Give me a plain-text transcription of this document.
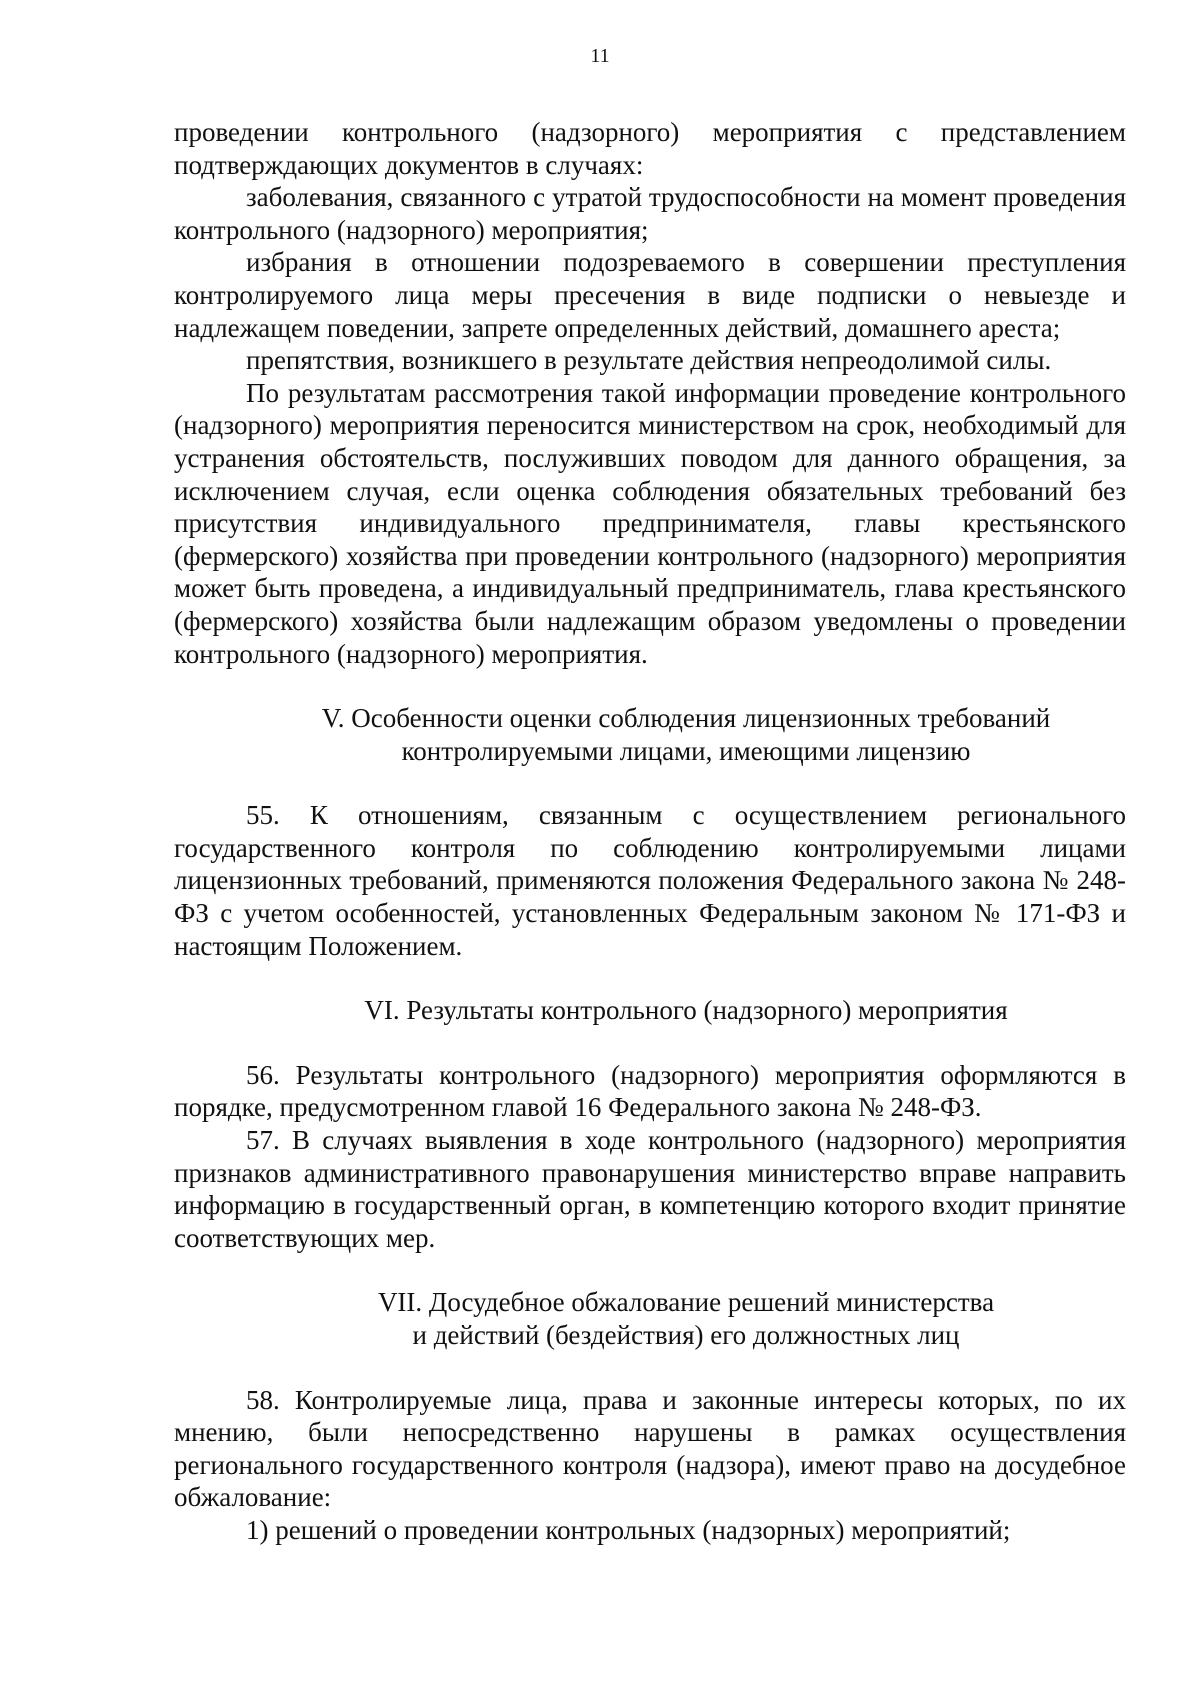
11

проведении контрольного (надзорного) мероприятия с представлением подтверждающих документов в случаях:

заболевания, связанного с утратой трудоспособности на момент проведения контрольного (надзорного) мероприятия;

избрания в отношении подозреваемого в совершении преступления контролируемого лица меры пресечения в виде подписки о невыезде и надлежащем поведении, запрете определенных действий, домашнего ареста;

препятствия, возникшего в результате действия непреодолимой силы.

По результатам рассмотрения такой информации проведение контрольного (надзорного) мероприятия переносится министерством на срок, необходимый для устранения обстоятельств, послуживших поводом для данного обращения, за исключением случая, если оценка соблюдения обязательных требований без присутствия индивидуального предпринимателя, главы крестьянского (фермерского) хозяйства при проведении контрольного (надзорного) мероприятия может быть проведена, а индивидуальный предприниматель, глава крестьянского (фермерского) хозяйства были надлежащим образом уведомлены о проведении контрольного (надзорного) мероприятия.

V. Особенности оценки соблюдения лицензионных требований
контролируемыми лицами, имеющими лицензию

55. К отношениям, связанным с осуществлением регионального государственного контроля по соблюдению контролируемыми лицами лицензионных требований, применяются положения Федерального закона № 248-ФЗ с учетом особенностей, установленных Федеральным законом № 171-ФЗ и настоящим Положением.

VI. Результаты контрольного (надзорного) мероприятия

56. Результаты контрольного (надзорного) мероприятия оформляются в порядке, предусмотренном главой 16 Федерального закона № 248-ФЗ.

57. В случаях выявления в ходе контрольного (надзорного) мероприятия признаков административного правонарушения министерство вправе направить информацию в государственный орган, в компетенцию которого входит принятие соответствующих мер.

VII. Досудебное обжалование решений министерства
и действий (бездействия) его должностных лиц

58. Контролируемые лица, права и законные интересы которых, по их мнению, были непосредственно нарушены в рамках осуществления регионального государственного контроля (надзора), имеют право на досудебное обжалование:

1) решений о проведении контрольных (надзорных) мероприятий;
